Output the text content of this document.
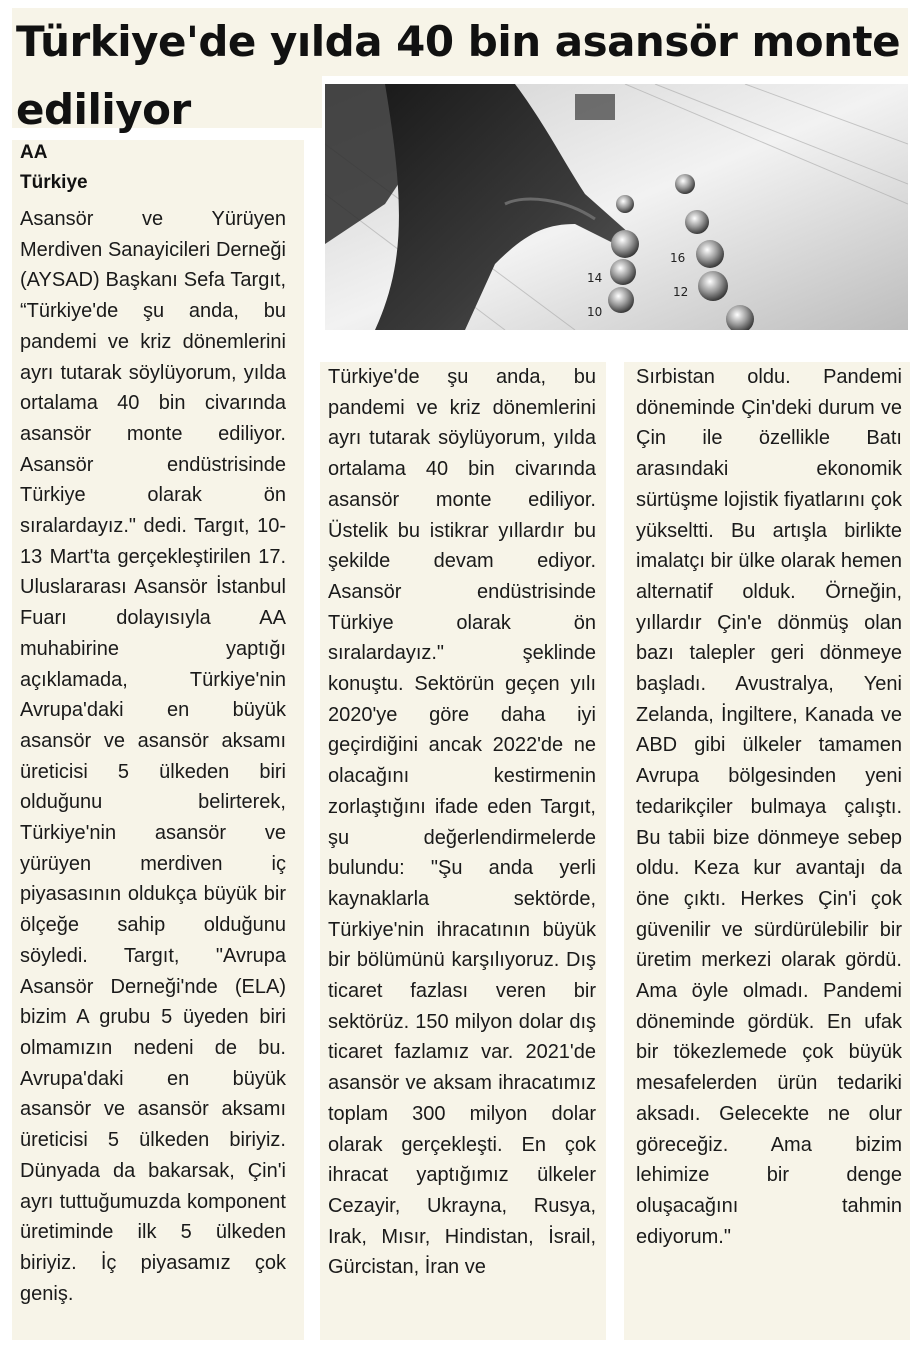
Türkiye'de yılda 40 bin asansör monte ediliyor
16
14
12
10
AA
Türkiye

Asansör ve Yürüyen Merdiven Sanayicileri Derneği (AYSAD) Başkanı Sefa Targıt, “Türkiye'de şu anda, bu pandemi ve kriz dönemlerini ayrı tutarak söylüyorum, yılda ortalama 40 bin civarında asansör monte ediliyor. Asansör endüstrisinde Türkiye olarak ön sıralardayız." dedi. Targıt, 10-13 Mart'ta gerçekleştirilen 17. Uluslararası Asansör İstanbul Fuarı dolayısıyla AA muhabirine yaptığı açıklamada, Türkiye'nin Avrupa'daki en büyük asansör ve asansör aksamı üreticisi 5 ülkeden biri olduğunu belirterek, Türkiye'nin asansör ve yürüyen merdiven iç piyasasının oldukça büyük bir ölçeğe sahip olduğunu söyledi. Targıt, "Avrupa Asansör Derneği'nde (ELA) bizim A grubu 5 üyeden biri olmamızın nedeni de bu. Avrupa'daki en büyük asansör ve asansör aksamı üreticisi 5 ülkeden biriyiz. Dünyada da bakarsak, Çin'i ayrı tuttuğumuzda komponent üretiminde ilk 5 ülkeden biriyiz. İç piyasamız çok geniş.

Türkiye'de şu anda, bu pandemi ve kriz dönemlerini ayrı tutarak söylüyorum, yılda ortalama 40 bin civarında asansör monte ediliyor. Üstelik bu istikrar yıllardır bu şekilde devam ediyor. Asansör endüstrisinde Türkiye olarak ön sıralardayız." şeklinde konuştu. Sektörün geçen yılı 2020'ye göre daha iyi geçirdiğini ancak 2022'de ne olacağını kestirmenin zorlaştığını ifade eden Targıt, şu değerlendirmelerde bulundu: "Şu anda yerli kaynaklarla sektörde, Türkiye'nin ihracatının büyük bir bölümünü karşılıyoruz. Dış ticaret fazlası veren bir sektörüz. 150 milyon dolar dış ticaret fazlamız var. 2021'de asansör ve aksam ihracatımız toplam 300 milyon dolar olarak gerçekleşti. En çok ihracat yaptığımız ülkeler Cezayir, Ukrayna, Rusya, Irak, Mısır, Hindistan, İsrail, Gürcistan, İran ve

Sırbistan oldu. Pandemi döneminde Çin'deki durum ve Çin ile özellikle Batı arasındaki ekonomik sürtüşme lojistik fiyatlarını çok yükseltti. Bu artışla birlikte imalatçı bir ülke olarak hemen alternatif olduk. Örneğin, yıllardır Çin'e dönmüş olan bazı talepler geri dönmeye başladı. Avustralya, Yeni Zelanda, İngiltere, Kanada ve ABD gibi ülkeler tamamen Avrupa bölgesinden yeni tedarikçiler bulmaya çalıştı. Bu tabii bize dönmeye sebep oldu. Keza kur avantajı da öne çıktı. Herkes Çin'i çok güvenilir ve sürdürülebilir bir üretim merkezi olarak gördü. Ama öyle olmadı. Pandemi döneminde gördük. En ufak bir tökezlemede çok büyük mesafelerden ürün tedariki aksadı. Gelecekte ne olur göreceğiz. Ama bizim lehimize bir denge oluşacağını tahmin ediyorum."
